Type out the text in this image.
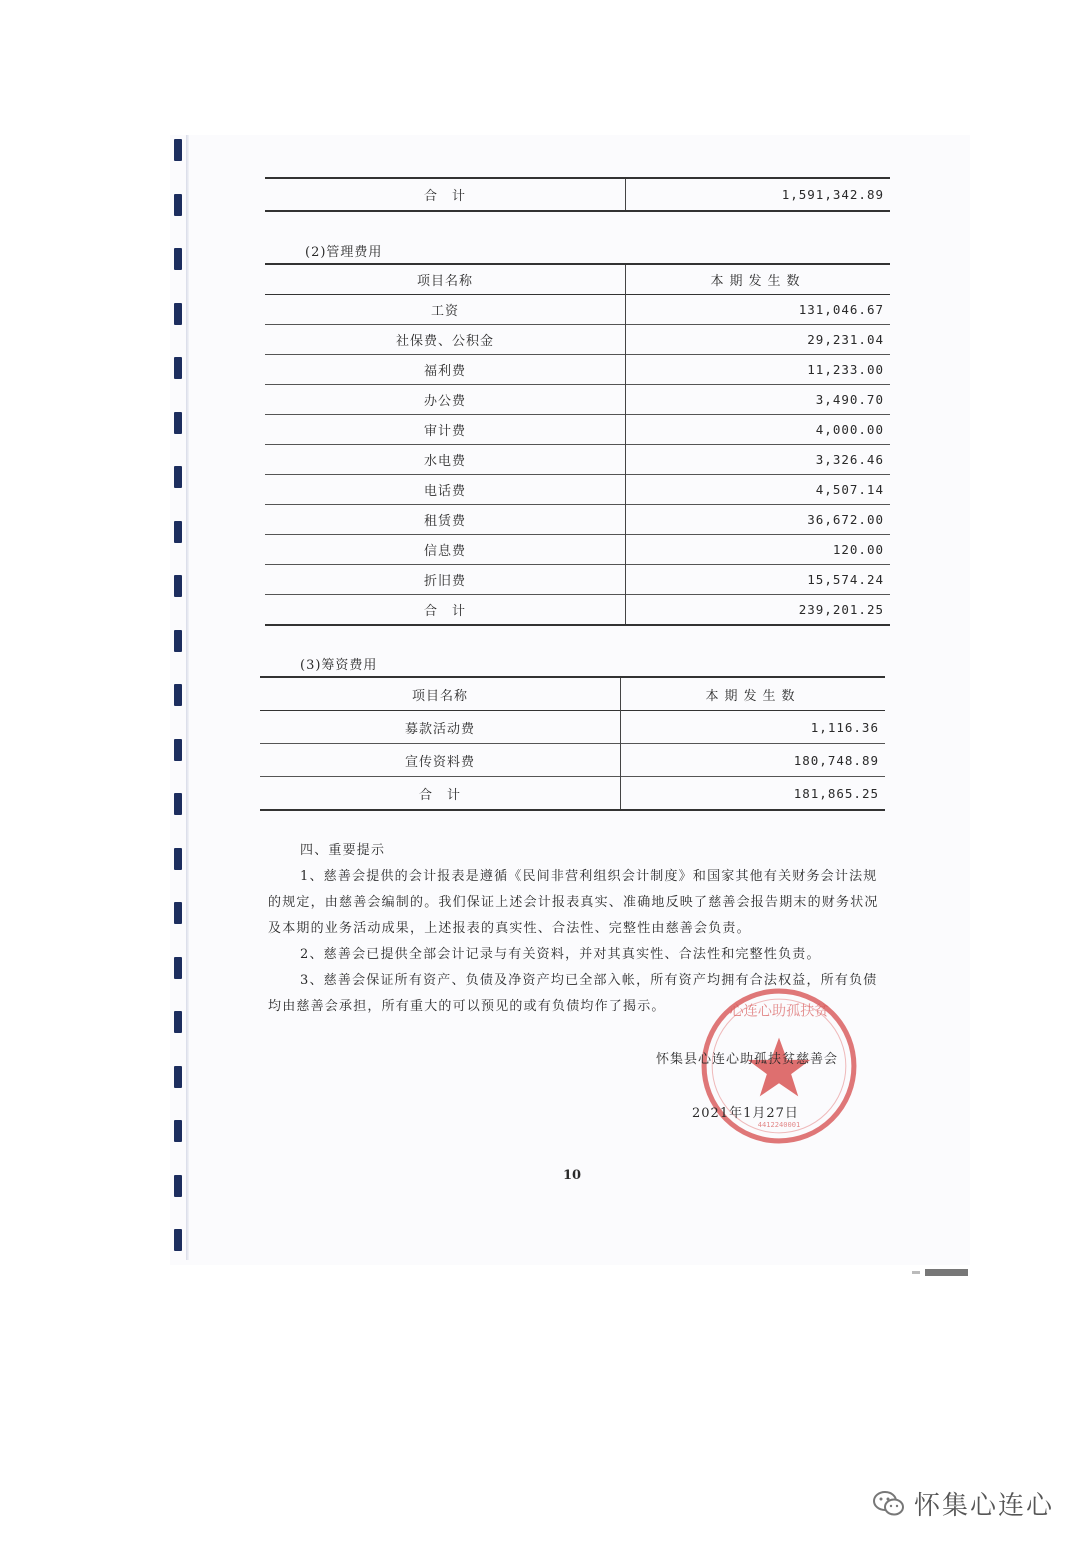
合　计	1,591,342.89
(2)管理费用
项目名称	本期发生数
工资	131,046.67
社保费、公积金	29,231.04
福利费	11,233.00
办公费	3,490.70
审计费	4,000.00
水电费	3,326.46
电话费	4,507.14
租赁费	36,672.00
信息费	120.00
折旧费	15,574.24
合　计	239,201.25
(3)筹资费用
项目名称	本期发生数
募款活动费	1,116.36
宣传资料费	180,748.89
合　计	181,865.25

四、重要提示

1、慈善会提供的会计报表是遵循《民间非营利组织会计制度》和国家其他有关财务会计法规的规定，由慈善会编制的。我们保证上述会计报表真实、准确地反映了慈善会报告期末的财务状况及本期的业务活动成果，上述报表的真实性、合法性、完整性由慈善会负责。

2、慈善会已提供全部会计记录与有关资料，并对其真实性、合法性和完整性负责。

3、慈善会保证所有资产、负债及净资产均已全部入帐，所有资产均拥有合法权益，所有负债均由慈善会承担，所有重大的可以预见的或有负债均作了揭示。	心连心助孤扶贫
4412240001
怀集县心连心助孤扶贫慈善会
2021年1月27日
10
怀集心连心
